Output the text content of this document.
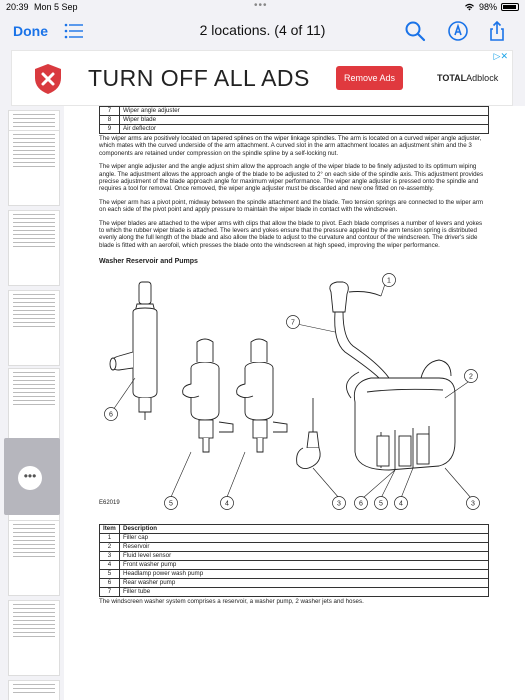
20:39 Mon 5 Sep	•••	98%
Done	2 locations. (4 of 11)
TURN OFF ALL ADS	Remove Ads	TOTALAdblock
▷✕
•••
7	Wiper angle adjuster
8	Wiper blade
9	Air deflector

The wiper arms are positively located on tapered splines on the wiper linkage spindles. The arm is located on a curved wiper angle adjuster, which mates with the curved underside of the arm attachment. A curved slot in the arm attachment locates an adjustment shim and the 3 components are retained under compression on the spindle spline by a self-locking nut.

The wiper angle adjuster and the angle adjust shim allow the approach angle of the wiper blade to be finely adjusted to its optimum wiping angle. The adjustment allows the approach angle of the blade to be adjusted to 2° on each side of the spindle axis. This adjustment provides precise adjustment of the blade approach angle for maximum wiper performance. The wiper angle adjuster is pressed onto the spindle and requires a tool for removal. Once removed, the wiper angle adjuster must be discarded and new one fitted on re-assembly.

The wiper arm has a pivot point, midway between the spindle attachment and the blade. Two tension springs are connected to the wiper arm on each side of the pivot point and apply pressure to maintain the wiper blade in contact with the windscreen.

The wiper blades are attached to the wiper arms with clips that allow the blade to pivot. Each blade comprises a number of levers and yokes to which the rubber wiper blade is attached. The levers and yokes ensure that the pressure applied by the arm tension spring is distributed evenly along the full length of the blade and also allow the blade to adjust to the curvature and contour of the windscreen. The driver's side blade is fitted with an aerofoil, which presses the blade onto the windscreen at high speed, improving the wiper performance.

Washer Reservoir and Pumps

1
7
2
6
5	4	3	6 5 4	3
E62019
Item	Description
1	Filler cap
2	Reservoir
3	Fluid level sensor
4	Front washer pump
5	Headlamp power wash pump
6	Rear washer pump
7	Filler tube

The windscreen washer system comprises a reservoir, a washer pump, 2 washer jets and hoses.
